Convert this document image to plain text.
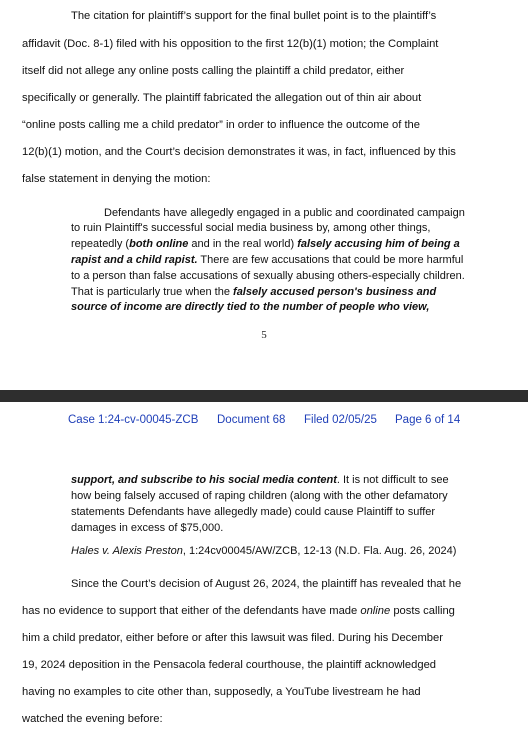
The citation for plaintiff’s support for the final bullet point is to the plaintiff’s
affidavit (Doc. 8-1) filed with his opposition to the first 12(b)(1) motion; the Complaint
itself did not allege any online posts calling the plaintiff a child predator, either
specifically or generally. The plaintiff fabricated the allegation out of thin air about
“online posts calling me a child predator” in order to influence the outcome of the
12(b)(1) motion, and the Court’s decision demonstrates it was, in fact, influenced by this
false statement in denying the motion:
Defendants have allegedly engaged in a public and coordinated campaign
to ruin Plaintiff's successful social media business by, among other things,
repeatedly (both online and in the real world) falsely accusing him of being a
rapist and a child rapist. There are few accusations that could be more harmful
to a person than false accusations of sexually abusing others-especially children.
That is particularly true when the falsely accused person's business and
source of income are directly tied to the number of people who view,
5
Case 1:24-cv-00045-ZCB Document 68 Filed 02/05/25 Page 6 of 14
support, and subscribe to his social media content. It is not difficult to see
how being falsely accused of raping children (along with the other defamatory
statements Defendants have allegedly made) could cause Plaintiff to suffer
damages in excess of $75,000.
Hales v. Alexis Preston, 1:24cv00045/AW/ZCB, 12-13 (N.D. Fla. Aug. 26, 2024)
Since the Court’s decision of August 26, 2024, the plaintiff has revealed that he
has no evidence to support that either of the defendants have made online posts calling
him a child predator, either before or after this lawsuit was filed. During his December
19, 2024 deposition in the Pensacola federal courthouse, the plaintiff acknowledged
having no examples to cite other than, supposedly, a YouTube livestream he had
watched the evening before:
